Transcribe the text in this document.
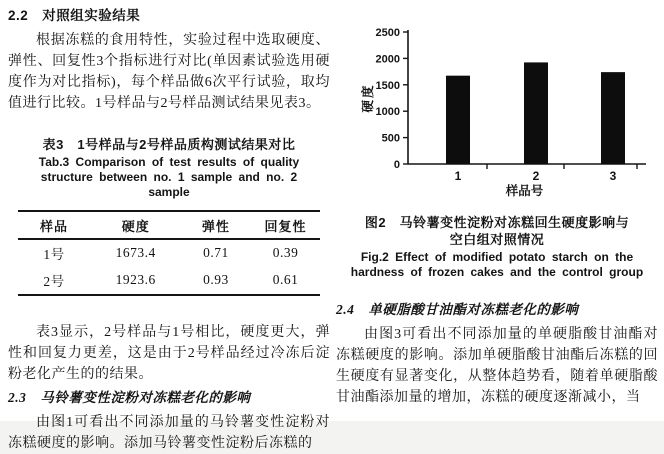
2.2　对照组实验结果

根据冻糕的食用特性，实验过程中选取硬度、弹性、回复性3个指标进行对比(单因素试验选用硬度作为对比指标)，每个样品做6次平行试验，取均值进行比较。1号样品与2号样品测试结果见表3。

表3　1号样品与2号样品质构测试结果对比
Tab.3 Comparison of test results of quality structure between no. 1 sample and no. 2 sample
样品	硬度	弹性	回复性
1号	1673.4	0.71	0.39
2号	1923.6	0.93	0.61

表3显示，2号样品与1号相比，硬度更大，弹性和回复力更差，这是由于2号样品经过冷冻后淀粉老化产生的的结果。

2.3　马铃薯变性淀粉对冻糕老化的影响

由图1可看出不同添加量的马铃薯变性淀粉对冻糕硬度的影响。添加马铃薯变性淀粉后冻糕的

0
500
1000
1500
2000
2500
1	2	3
样品号
硬度
图2　马铃薯变性淀粉对冻糕回生硬度影响与
空白组对照情况
Fig.2 Effect of modified potato starch on the hardness of frozen cakes and the control group
2.4　单硬脂酸甘油酯对冻糕老化的影响

由图3可看出不同添加量的单硬脂酸甘油酯对冻糕硬度的影响。添加单硬脂酸甘油酯后冻糕的回生硬度有显著变化，从整体趋势看，随着单硬脂酸甘油酯添加量的增加，冻糕的硬度逐渐减小，当
